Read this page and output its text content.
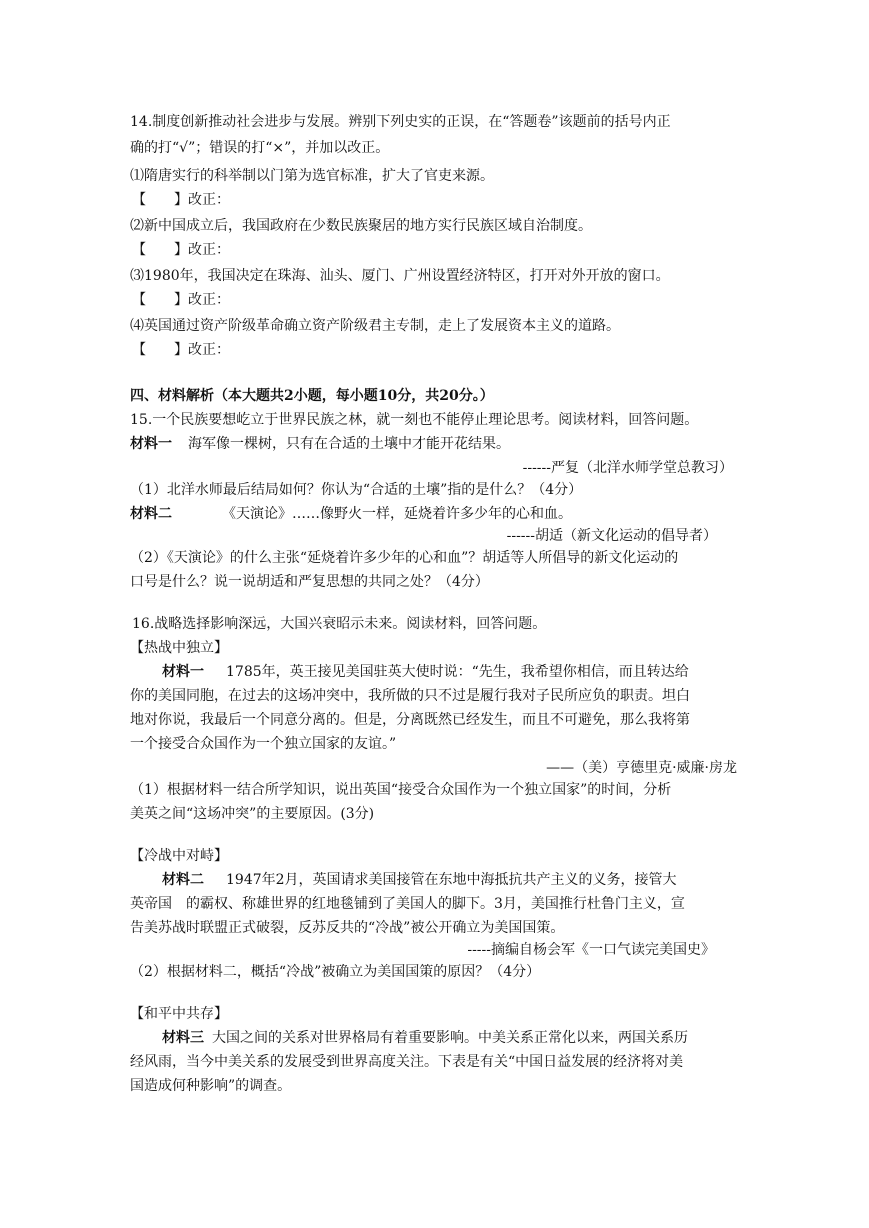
14.制度创新推动社会进步与发展。辨别下列史实的正误，在“答题卷”该题前的括号内正
确的打“√”；错误的打“×”，并加以改正。
⑴隋唐实行的科举制以门第为选官标准，扩大了官吏来源。
【　　】改正：
⑵新中国成立后，我国政府在少数民族聚居的地方实行民族区域自治制度。
【　　】改正：
⑶1980年，我国决定在珠海、汕头、厦门、广州设置经济特区，打开对外开放的窗口。
【　　】改正：
⑷英国通过资产阶级革命确立资产阶级君主专制，走上了发展资本主义的道路。
【　　】改正：
四、材料解析（本大题共2小题，每小题10分，共20分。）
15.一个民族要想屹立于世界民族之林，就一刻也不能停止理论思考。阅读材料，回答问题。
材料一 海军像一棵树，只有在合适的土壤中才能开花结果。
------严复（北洋水师学堂总教习）
（1）北洋水师最后结局如何？你认为“合适的土壤”指的是什么？（4分）
材料二	《天演论》……像野火一样，延烧着许多少年的心和血。
------胡适（新文化运动的倡导者）
（2）《天演论》的什么主张“延烧着许多少年的心和血”？胡适等人所倡导的新文化运动的
口号是什么？说一说胡适和严复思想的共同之处？（4分）
16.战略选择影响深远，大国兴衰昭示未来。阅读材料，回答问题。
【热战中独立】
材料一 1785年，英王接见美国驻英大使时说：“先生，我希望你相信，而且转达给
你的美国同胞，在过去的这场冲突中，我所做的只不过是履行我对子民所应负的职责。坦白
地对你说，我最后一个同意分离的。但是，分离既然已经发生，而且不可避免，那么我将第
一个接受合众国作为一个独立国家的友谊。”
——（美）亨德里克·威廉·房龙
（1）根据材料一结合所学知识，说出英国“接受合众国作为一个独立国家”的时间，分析
美英之间“这场冲突”的主要原因。(3分)
【冷战中对峙】
材料二 1947年2月，英国请求美国接管在东地中海抵抗共产主义的义务，接管大
英帝国　的霸权、称雄世界的红地毯铺到了美国人的脚下。3月，美国推行杜鲁门主义，宣
告美苏战时联盟正式破裂，反苏反共的“冷战”被公开确立为美国国策。
-----摘编自杨会军《一口气读完美国史》
（2）根据材料二，概括“冷战”被确立为美国国策的原因？（4分）
【和平中共存】
材料三 大国之间的关系对世界格局有着重要影响。中美关系正常化以来，两国关系历
经风雨，当今中美关系的发展受到世界高度关注。下表是有关“中国日益发展的经济将对美
国造成何种影响”的调查。
